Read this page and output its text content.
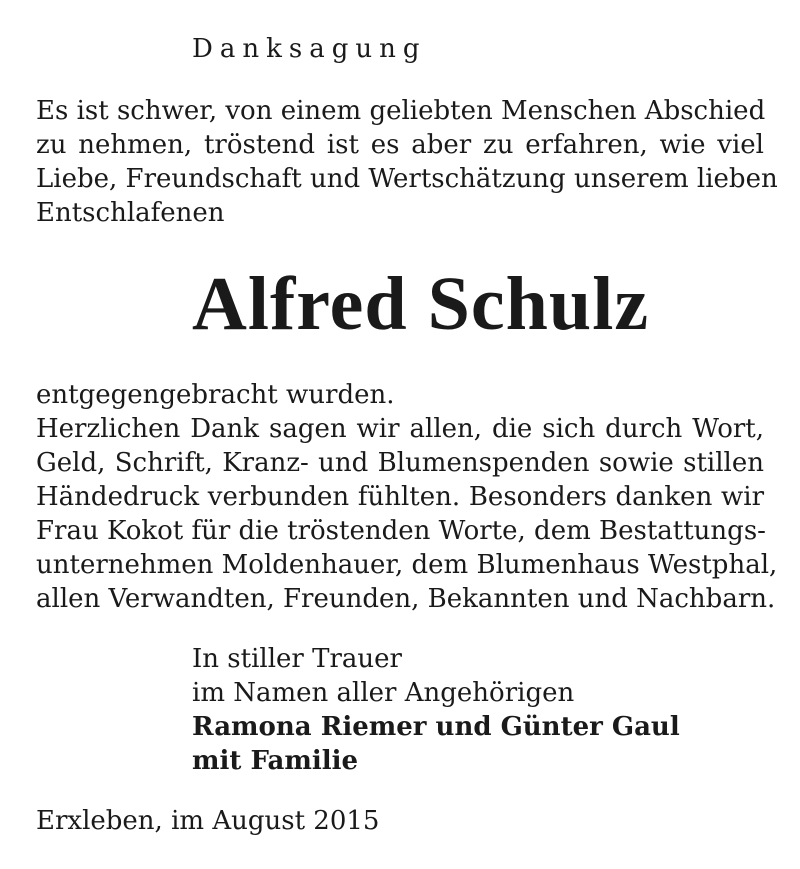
Danksagung
Es ist schwer, von einem geliebten Menschen Abschied
zu nehmen, tröstend ist es aber zu erfahren, wie viel
Liebe, Freundschaft und Wertschätzung unserem lieben
Entschlafenen
Alfred Schulz
entgegengebracht wurden.
Herzlichen Dank sagen wir allen, die sich durch Wort,
Geld, Schrift, Kranz- und Blumenspenden sowie stillen
Händedruck verbunden fühlten. Besonders danken wir
Frau Kokot für die tröstenden Worte, dem Bestattungs-
unternehmen Moldenhauer, dem Blumenhaus Westphal,
allen Verwandten, Freunden, Bekannten und Nachbarn.
In stiller Trauer
im Namen aller Angehörigen
Ramona Riemer und Günter Gaul
mit Familie
Erxleben, im August 2015
